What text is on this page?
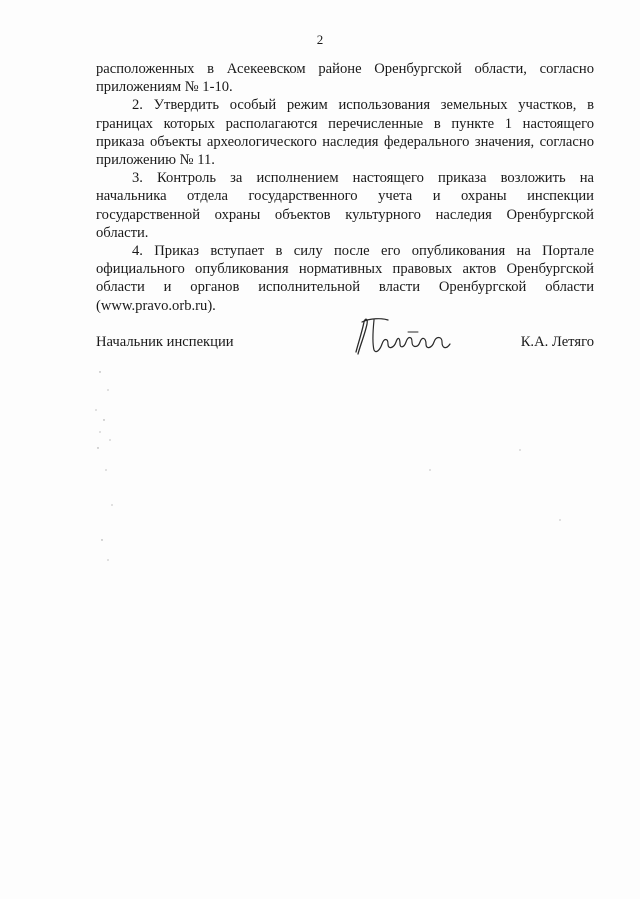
2

расположенных в Асекеевском районе Оренбургской области, согласно приложениям № 1-10.

2. Утвердить особый режим использования земельных участков, в границах которых располагаются перечисленные в пункте 1 настоящего приказа объекты археологического наследия федерального значения, согласно приложению № 11.

3. Контроль за исполнением настоящего приказа возложить на начальника отдела государственного учета и охраны инспекции государственной охраны объектов культурного наследия Оренбургской области.

4. Приказ вступает в силу после его опубликования на Портале официального опубликования нормативных правовых актов Оренбургской области и органов исполнительной власти Оренбургской области (www.pravo.orb.ru).

Начальник инспекции	К.А. Летяго
